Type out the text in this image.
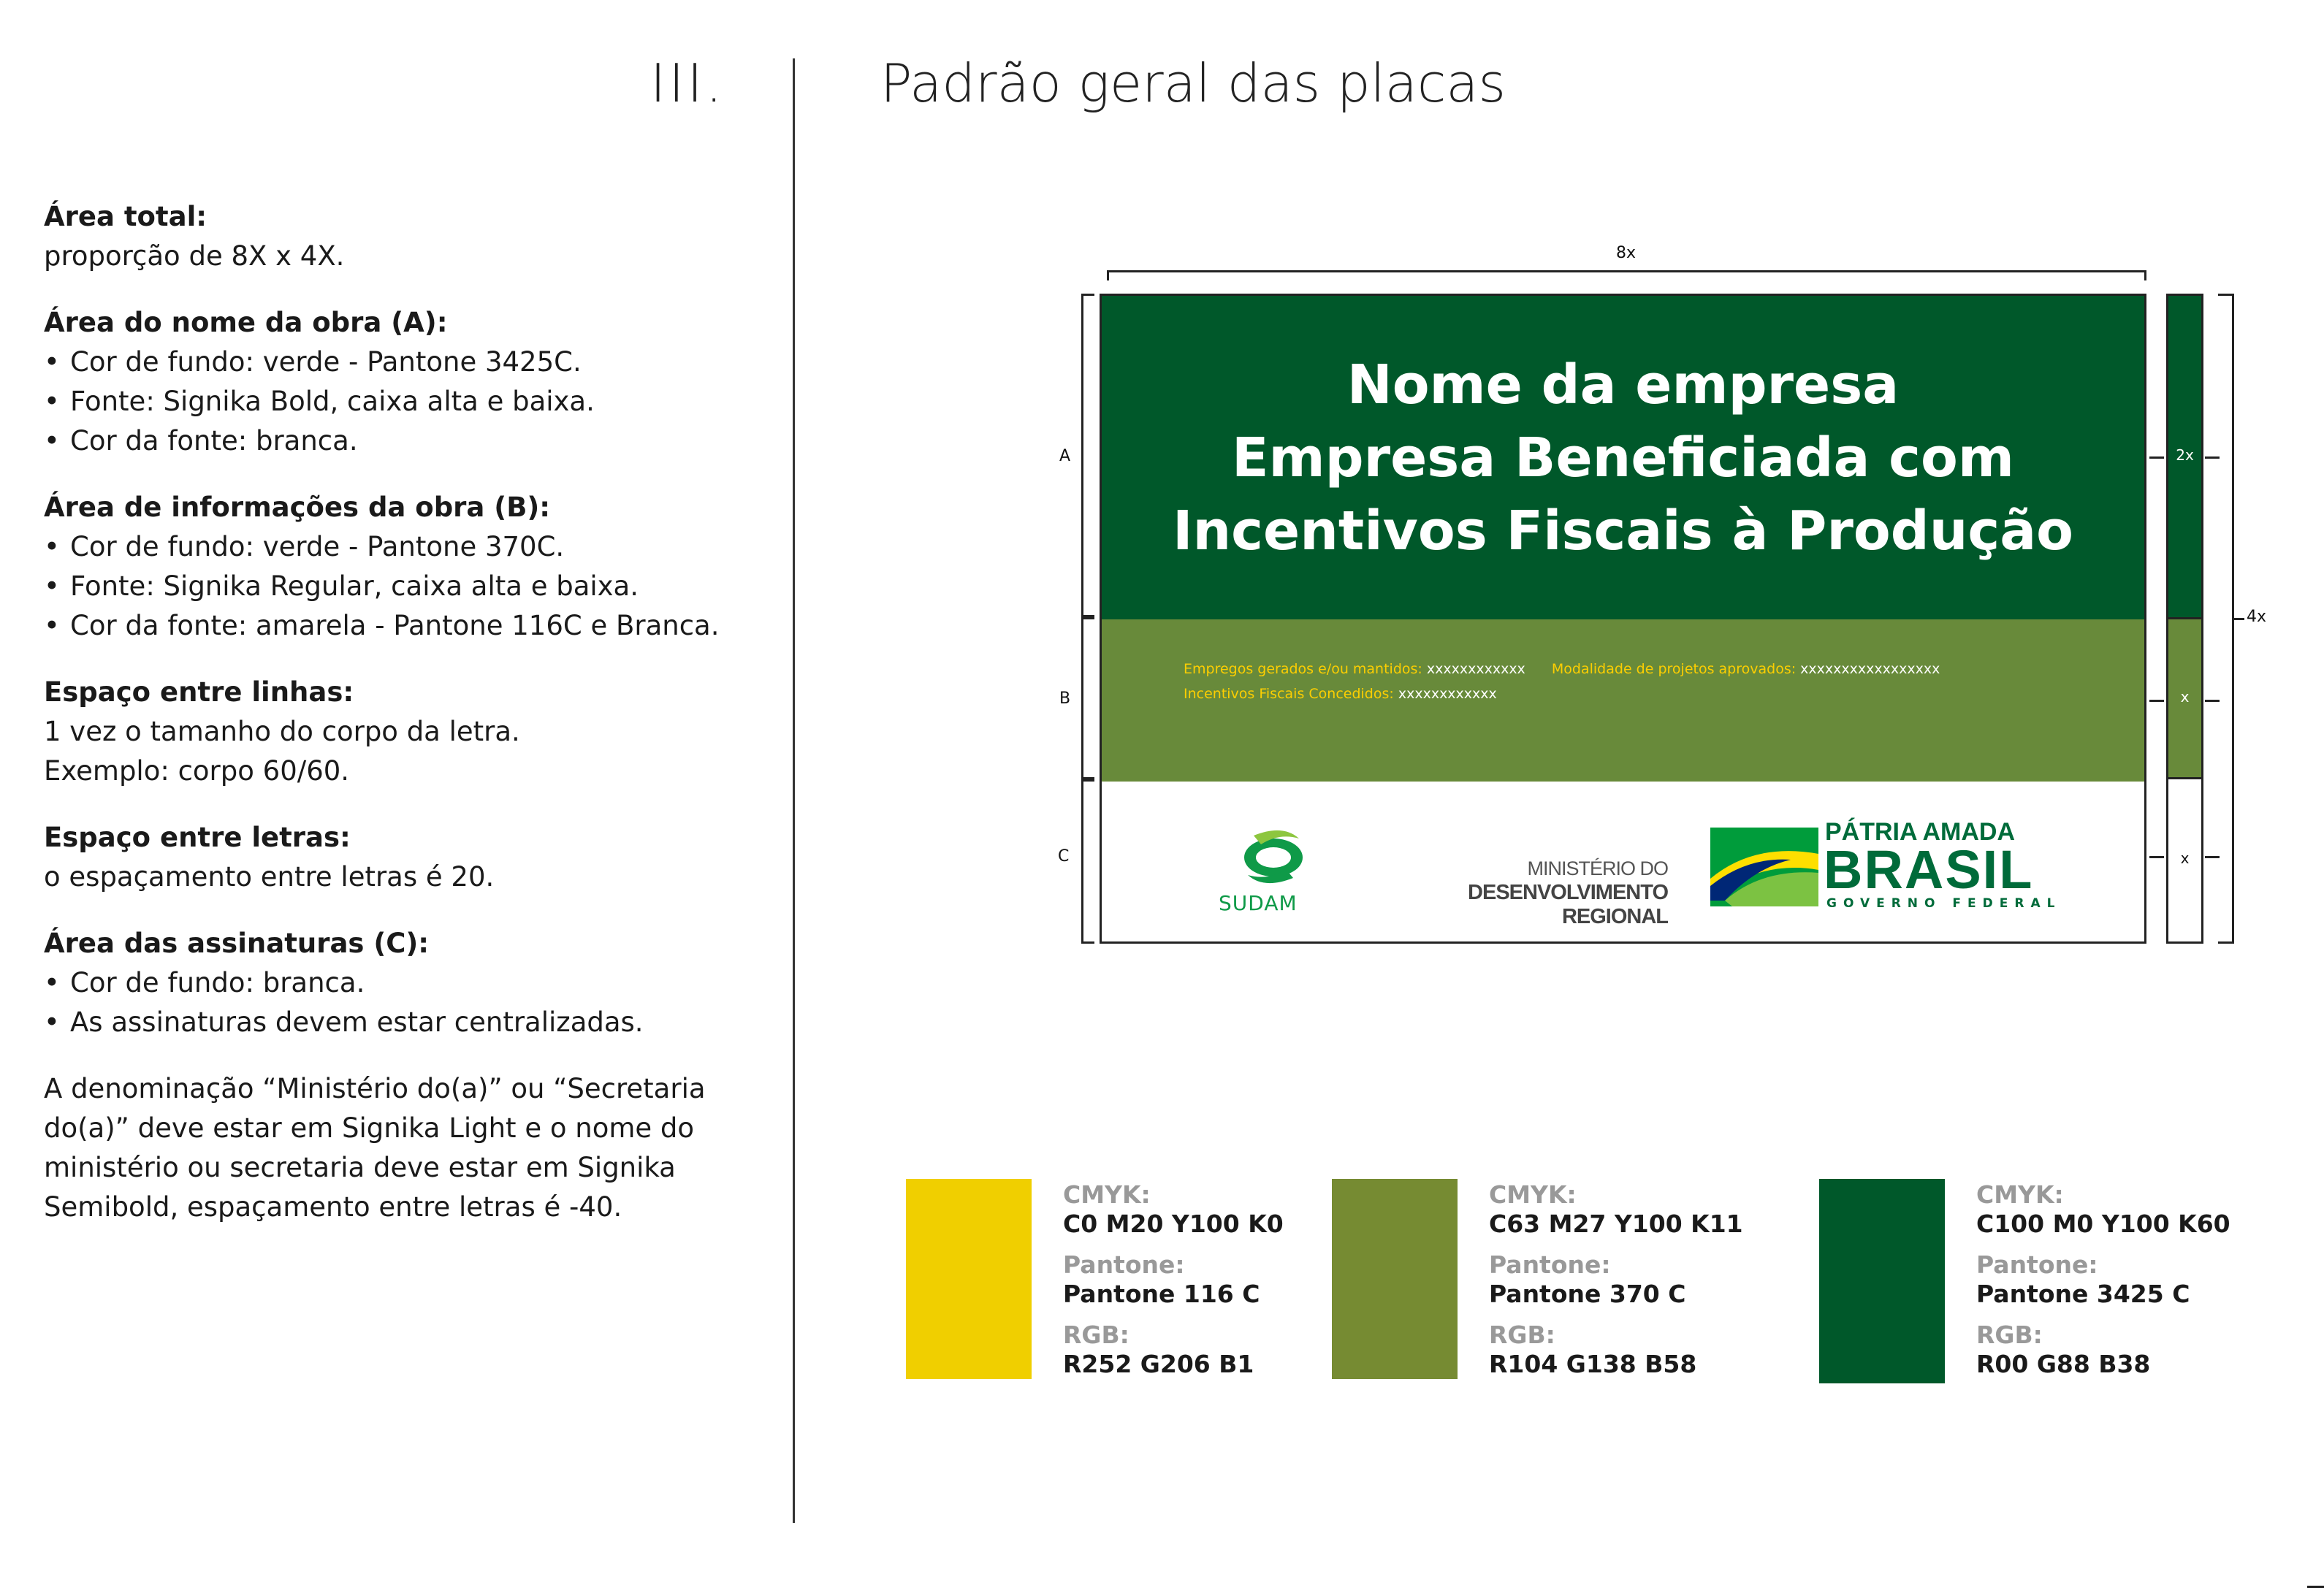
III.	Padrão geral das placas
Área total:

proporção de 8X x 4X.

Área do nome da obra (A):
• Cor de fundo: verde - Pantone 3425C.
• Fonte: Signika Bold, caixa alta e baixa.
• Cor da fonte: branca.
Área de informações da obra (B):
• Cor de fundo: verde - Pantone 370C.
• Fonte: Signika Regular, caixa alta e baixa.
• Cor da fonte: amarela - Pantone 116C e Branca.
Espaço entre linhas:

1 vez o tamanho do corpo da letra.

Exemplo: corpo 60/60.

Espaço entre letras:

o espaçamento entre letras é 20.

Área das assinaturas (C):
• Cor de fundo: branca.
• As assinaturas devem estar centralizadas.

A denominação “Ministério do(a)” ou “Secretaria do(a)” deve estar em Signika Light e o nome do ministério ou secretaria deve estar em Signika Semibold, espaçamento entre letras é -40.

8x
A
B
C
Nome da empresa
Empresa Beneficiada com
Incentivos Fiscais à Produção
Empregos gerados e/ou mantidos: xxxxxxxxxxxx Modalidade de projetos aprovados: xxxxxxxxxxxxxxxxx
Incentivos Fiscais Concedidos: xxxxxxxxxxxx
SUDAM
MINISTÉRIO DO
DESENVOLVIMENTO REGIONAL
PÁTRIA AMADA
BRASIL
GOVERNO FEDERAL
2x
x
x
4x
CMYK:
C0 M20 Y100 K0
Pantone:
Pantone 116 C
RGB:
R252 G206 B1
CMYK:
C63 M27 Y100 K11
Pantone:
Pantone 370 C
RGB:
R104 G138 B58
CMYK:
C100 M0 Y100 K60
Pantone:
Pantone 3425 C
RGB:
R00 G88 B38
